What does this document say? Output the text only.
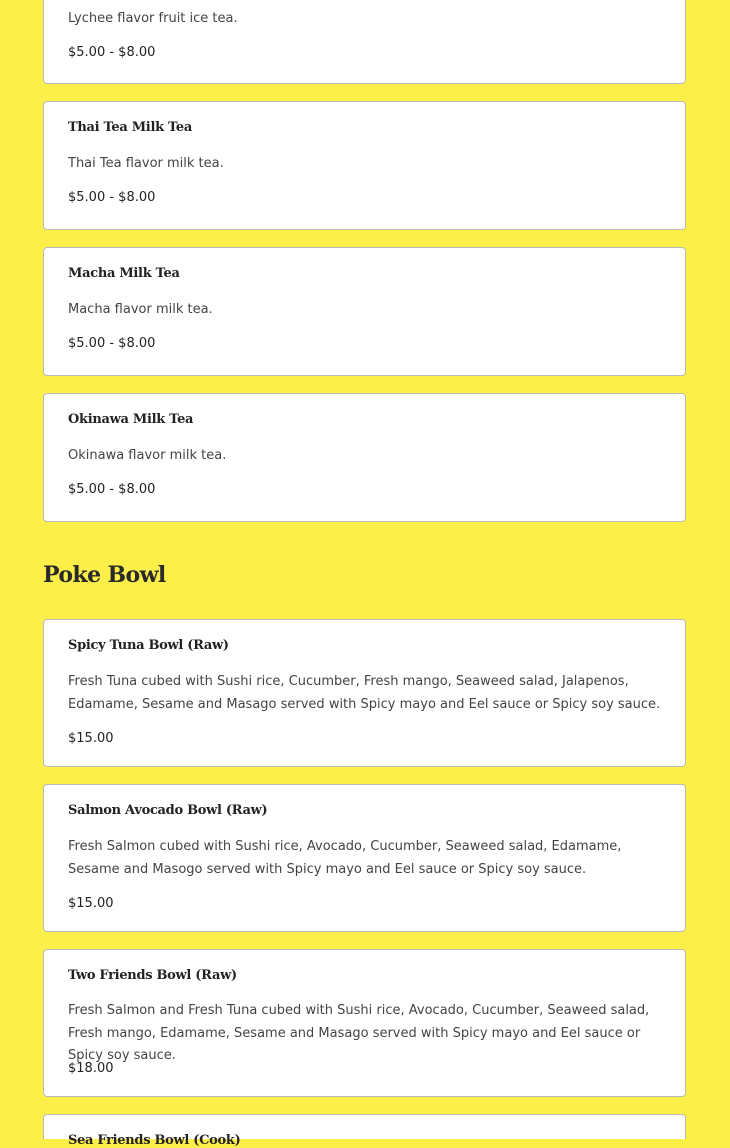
Lychee flavor fruit ice tea.

$5.00 - $8.00

Thai Tea Milk Tea

Thai Tea flavor milk tea.

$5.00 - $8.00

Macha Milk Tea

Macha flavor milk tea.

$5.00 - $8.00

Okinawa Milk Tea

Okinawa flavor milk tea.

$5.00 - $8.00

Poke Bowl

Spicy Tuna Bowl (Raw)

Fresh Tuna cubed with Sushi rice, Cucumber, Fresh mango, Seaweed salad, Jalapenos, Edamame, Sesame and Masago served with Spicy mayo and Eel sauce or Spicy soy sauce.

$15.00

Salmon Avocado Bowl (Raw)

Fresh Salmon cubed with Sushi rice, Avocado, Cucumber, Seaweed salad, Edamame, Sesame and Masogo served with Spicy mayo and Eel sauce or Spicy soy sauce.

$15.00

Two Friends Bowl (Raw)

Fresh Salmon and Fresh Tuna cubed with Sushi rice, Avocado, Cucumber, Seaweed salad, Fresh mango, Edamame, Sesame and Masago served with Spicy mayo and Eel sauce or Spicy soy sauce.

$18.00

Sea Friends Bowl (Cook)
